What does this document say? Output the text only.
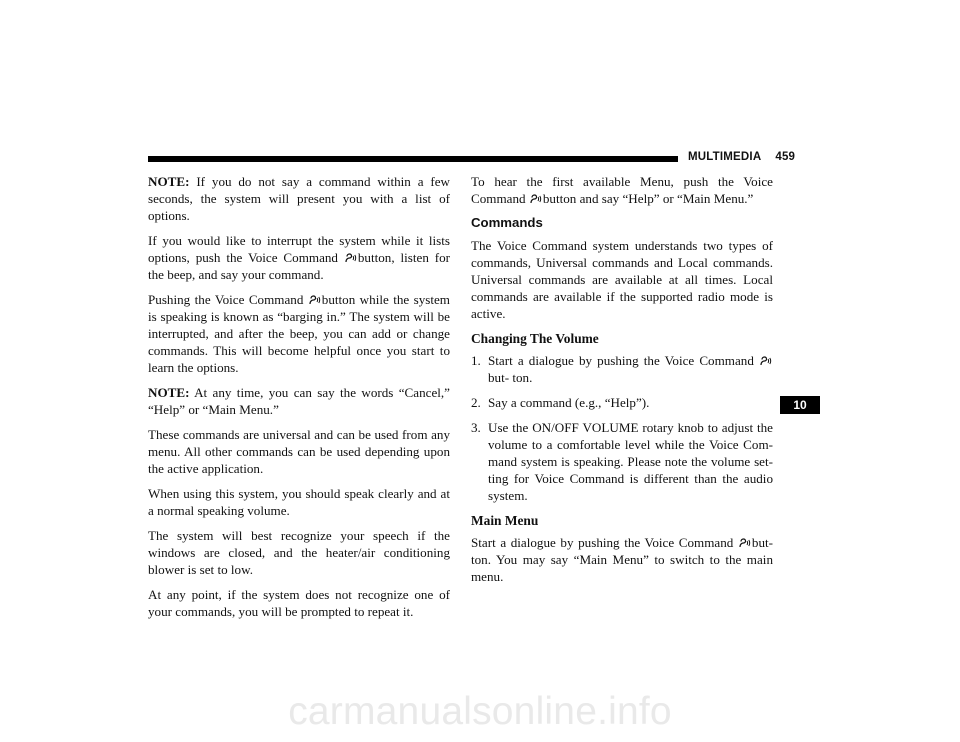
MULTIMEDIA 459

NOTE: If you do not say a command within a few seconds, the system will present you with a list of options.

If you would like to interrupt the system while it lists options, push the Voice Command button, listen for the beep, and say your command.

Pushing the Voice Command button while the system is speaking is known as “barging in.” The system will be interrupted, and after the beep, you can add or change commands. This will become helpful once you start to learn the options.

NOTE: At any time, you can say the words “Cancel,” “Help” or “Main Menu.”

These commands are universal and can be used from any menu. All other commands can be used depending upon the active application.

When using this system, you should speak clearly and at a normal speaking volume.

The system will best recognize your speech if the windows are closed, and the heater/air conditioning blower is set to low.

At any point, if the system does not recognize one of your commands, you will be prompted to repeat it.

To hear the first available Menu, push the Voice Command button and say “Help” or “Main Menu.”

Commands

The Voice Command system understands two types of commands, Universal commands and Local commands. Universal commands are available at all times. Local commands are available if the supported radio mode is active.

Changing The Volume
1. Start a dialogue by pushing the Voice Command but- ton.
2. Say a command (e.g., “Help”).
3. Use the ON/OFF VOLUME rotary knob to adjust the volume to a comfortable level while the Voice Com- mand system is speaking. Please note the volume set- ting for Voice Command is different than the audio system.
Main Menu

Start a dialogue by pushing the Voice Command but- ton. You may say “Main Menu” to switch to the main menu.

10
carmanualsonline.info
